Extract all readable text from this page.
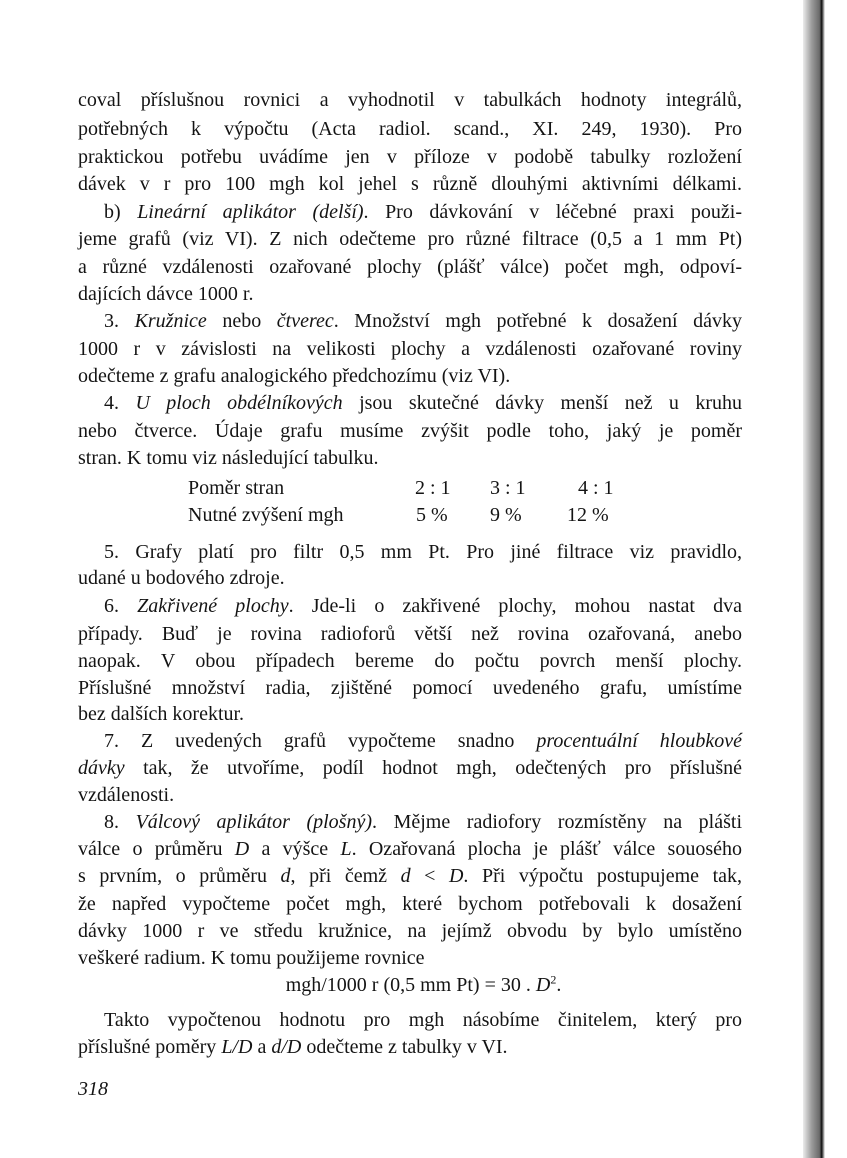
coval příslušnou rovnici a vyhodnotil v tabulkách hodnoty integrálů,
potřebných k výpočtu (Acta radiol. scand., XI. 249, 1930). Pro
praktickou potřebu uvádíme jen v příloze v podobě tabulky rozložení
dávek v r pro 100 mgh kol jehel s různě dlouhými aktivními délkami.
b) Lineární aplikátor (delší). Pro dávkování v léčebné praxi použi-
jeme grafů (viz VI). Z nich odečteme pro různé filtrace (0,5 a 1 mm Pt)
a různé vzdálenosti ozařované plochy (plášť válce) počet mgh, odpoví-
dajících dávce 1000 r.
3. Kružnice nebo čtverec. Množství mgh potřebné k dosažení dávky
1000 r v závislosti na velikosti plochy a vzdálenosti ozařované roviny
odečteme z grafu analogického předchozímu (viz VI).
4. U ploch obdélníkových jsou skutečné dávky menší než u kruhu
nebo čtverce. Údaje grafu musíme zvýšit podle toho, jaký je poměr
stran. K tomu viz následující tabulku.
5. Grafy platí pro filtr 0,5 mm Pt. Pro jiné filtrace viz pravidlo,
udané u bodového zdroje.
6. Zakřivené plochy. Jde-li o zakřivené plochy, mohou nastat dva
případy. Buď je rovina radioforů větší než rovina ozařovaná, anebo
naopak. V obou případech bereme do počtu povrch menší plochy.
Příslušné množství radia, zjištěné pomocí uvedeného grafu, umístíme
bez dalších korektur.
7. Z uvedených grafů vypočteme snadno procentuální hloubkové
dávky tak, že utvoříme, podíl hodnot mgh, odečtených pro příslušné
vzdálenosti.
8. Válcový aplikátor (plošný). Mějme radiofory rozmístěny na plášti
válce o průměru D a výšce L. Ozařovaná plocha je plášť válce souosého
s prvním, o průměru d, při čemž d < D. Při výpočtu postupujeme tak,
že napřed vypočteme počet mgh, které bychom potřebovali k dosažení
dávky 1000 r ve středu kružnice, na jejímž obvodu by bylo umístěno
veškeré radium. K tomu použijeme rovnice
Takto vypočtenou hodnotu pro mgh násobíme činitelem, který pro
příslušné poměry L/D a d/D odečteme z tabulky v VI.
Poměr stran	2 : 1 3 : 1	4 : 1
Nutné zvýšení mgh	5 % 9 % 12 %
mgh/1000 r (0,5 mm Pt) = 30 . $D^2$.
318
